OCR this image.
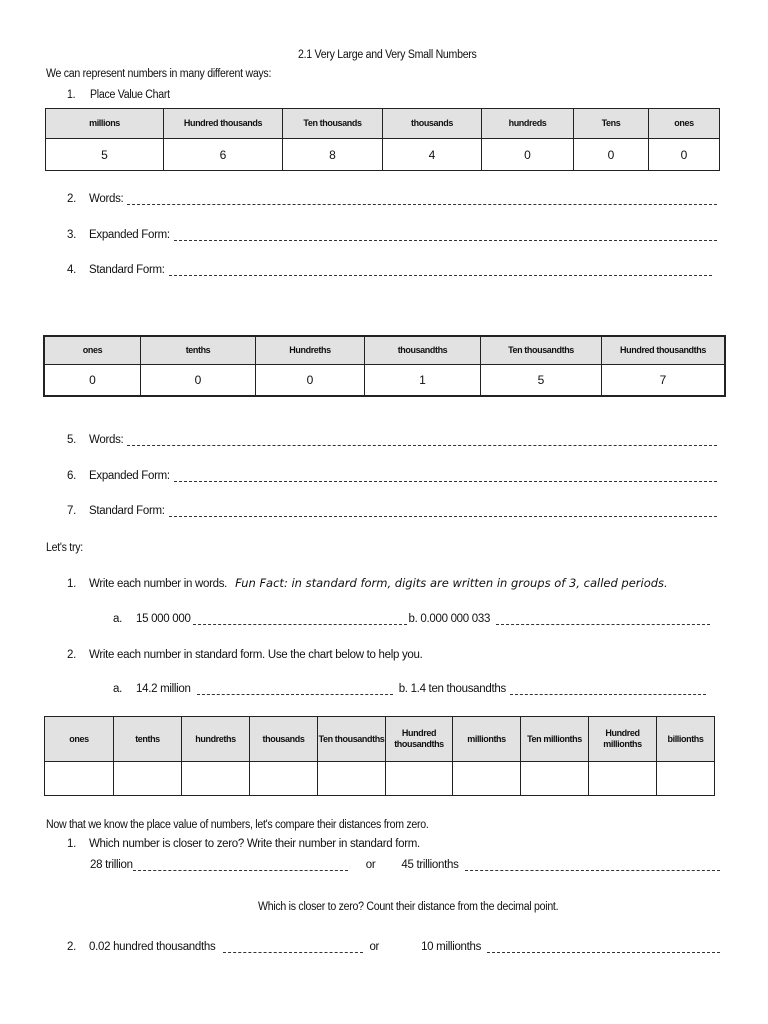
2.1 Very Large and Very Small Numbers
We can represent numbers in many different ways:
1. Place Value Chart
millions	Hundred thousands	Ten thousands	thousands	hundreds	Tens	ones
5	6	8	4	0	0	0
2.	Words:
3.	Expanded Form:
4.	Standard Form:
ones	tenths	Hundreths	thousandths	Ten thousandths	Hundred thousandths
0	0	0	1	5	7
5.	Words:
6.	Expanded Form:
7.	Standard Form:
Let's try:
1.	Write each number in words. Fun Fact: in standard form, digits are written in groups of 3, called periods.
a.	15 000 000	b. 0.000 000 033
2.	Write each number in standard form. Use the chart below to help you.
a.	14.2 million	b. 1.4 ten thousandths
ones	tenths	hundreths	thousands	Ten thousandths	Hundred thousandths	millionths	Ten millionths	Hundred millionths	billionths

Now that we know the place value of numbers, let's compare their distances from zero.
1.	Which number is closer to zero? Write their number in standard form.
28 trillion	or 45 trillionths
Which is closer to zero? Count their distance from the decimal point.
2.	0.02 hundred thousandths	or	10 millionths
